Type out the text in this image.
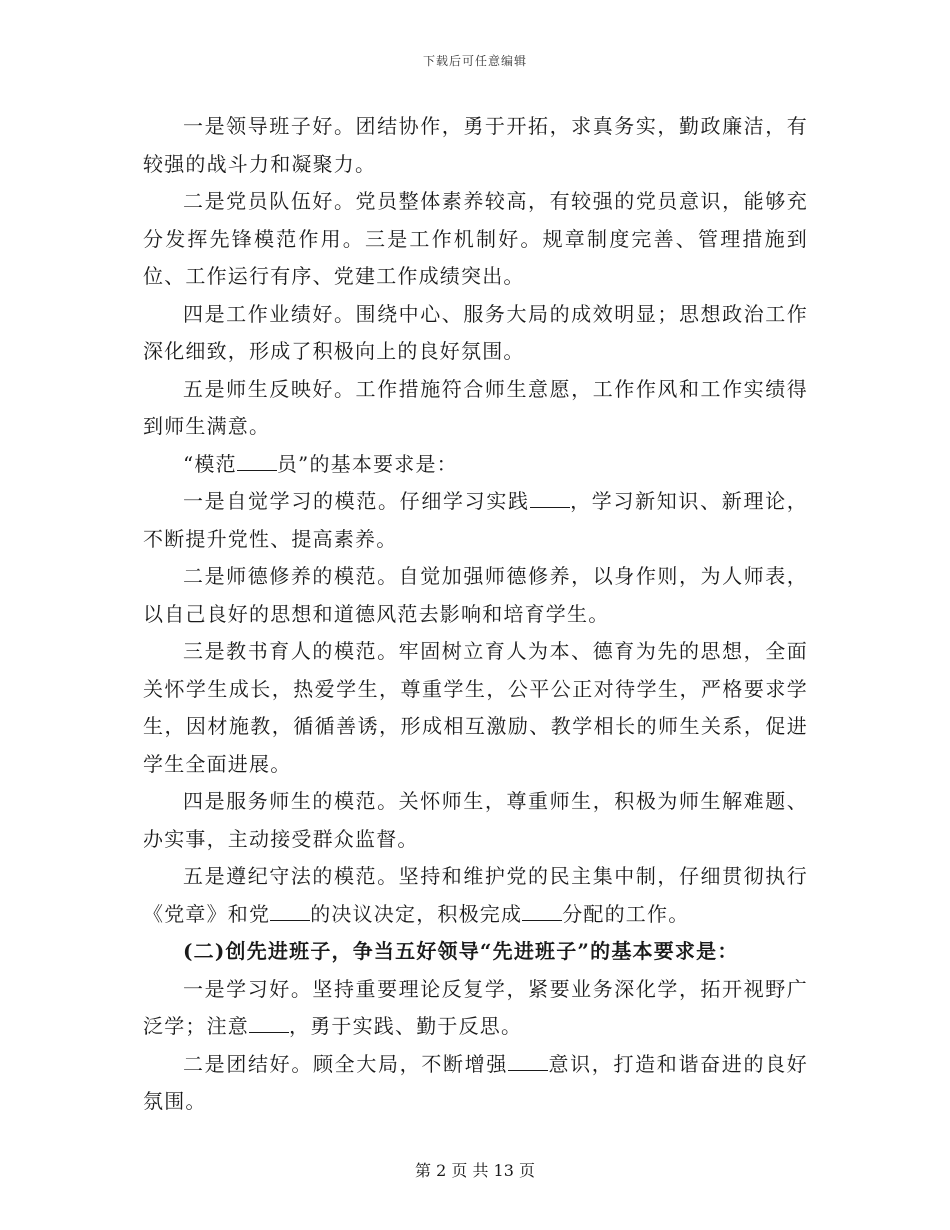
下载后可任意编辑

一是领导班子好。团结协作，勇于开拓，求真务实，勤政廉洁，有较强的战斗力和凝聚力。

二是党员队伍好。党员整体素养较高，有较强的党员意识，能够充分发挥先锋模范作用。三是工作机制好。规章制度完善、管理措施到位、工作运行有序、党建工作成绩突出。

四是工作业绩好。围绕中心、服务大局的成效明显；思想政治工作深化细致，形成了积极向上的良好氛围。

五是师生反映好。工作措施符合师生意愿，工作作风和工作实绩得到师生满意。

“模范 员”的基本要求是：

一是自觉学习的模范。仔细学习实践 ，学习新知识、新理论，不断提升党性、提高素养。

二是师德修养的模范。自觉加强师德修养，以身作则，为人师表，以自己良好的思想和道德风范去影响和培育学生。

三是教书育人的模范。牢固树立育人为本、德育为先的思想，全面关怀学生成长，热爱学生，尊重学生，公平公正对待学生，严格要求学生，因材施教，循循善诱，形成相互激励、教学相长的师生关系，促进学生全面进展。

四是服务师生的模范。关怀师生，尊重师生，积极为师生解难题、办实事，主动接受群众监督。

五是遵纪守法的模范。坚持和维护党的民主集中制，仔细贯彻执行《党章》和党 的决议决定，积极完成 分配的工作。

(二)创先进班子，争当五好领导“先进班子”的基本要求是：

一是学习好。坚持重要理论反复学，紧要业务深化学，拓开视野广泛学；注意 ，勇于实践、勤于反思。

二是团结好。顾全大局，不断增强 意识，打造和谐奋进的良好氛围。

第 2 页 共 13 页
